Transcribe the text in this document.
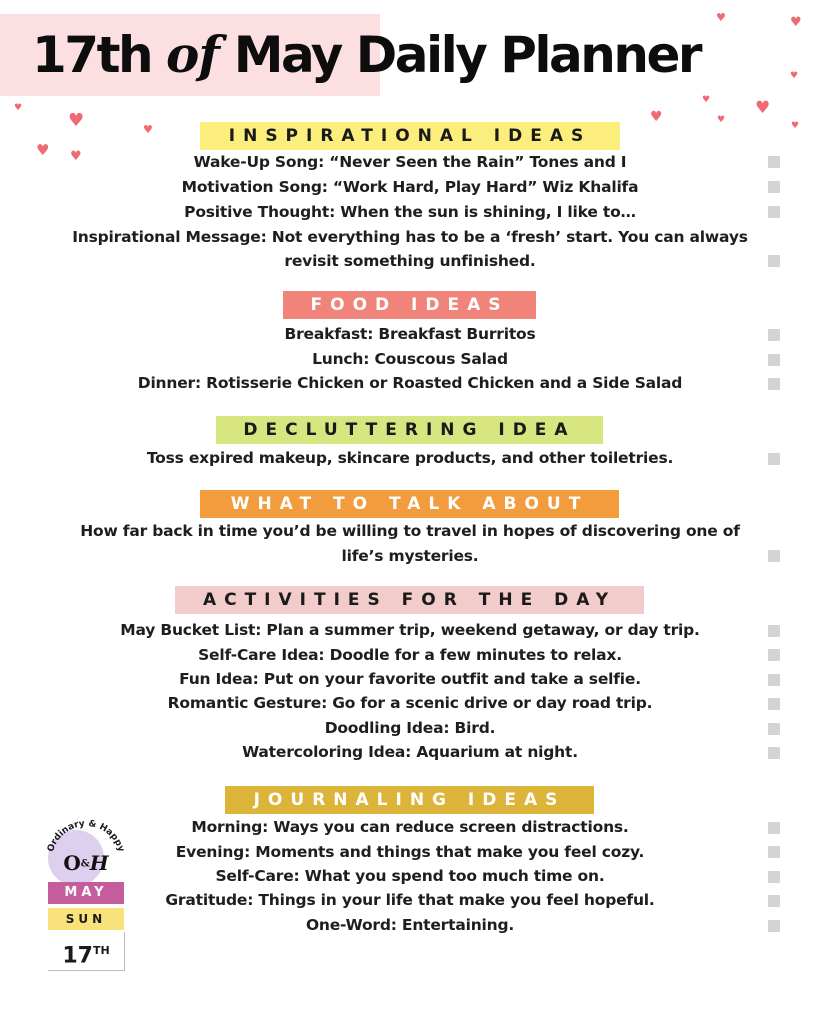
17th of May Daily Planner
♥	♥
♥
♥	♥
♥ ♥
♥
♥
♥
♥
♥
♥
INSPIRATIONAL IDEAS
Wake-Up Song: “Never Seen the Rain” Tones and I
Motivation Song: “Work Hard, Play Hard” Wiz Khalifa
Positive Thought: When the sun is shining, I like to…
Inspirational Message: Not everything has to be a ‘fresh’ start. You can always
revisit something unfinished.
FOOD IDEAS
Breakfast: Breakfast Burritos
Lunch: Couscous Salad
Dinner: Rotisserie Chicken or Roasted Chicken and a Side Salad
DECLUTTERING IDEA
Toss expired makeup, skincare products, and other toiletries.
WHAT TO TALK ABOUT
How far back in time you’d be willing to travel in hopes of discovering one of
life’s mysteries.
ACTIVITIES FOR THE DAY
May Bucket List: Plan a summer trip, weekend getaway, or day trip.
Self-Care Idea: Doodle for a few minutes to relax.
Fun Idea: Put on your favorite outfit and take a selfie.
Romantic Gesture: Go for a scenic drive or day road trip.
Doodling Idea: Bird.
Watercoloring Idea: Aquarium at night.
JOURNALING IDEAS
Morning: Ways you can reduce screen distractions.
Evening: Moments and things that make you feel cozy.
Self-Care: What you spend too much time on.
Gratitude: Things in your life that make you feel hopeful.
One-Word: Entertaining.
Ordinary & Happy
O&H
MAY
SUN
17TH
